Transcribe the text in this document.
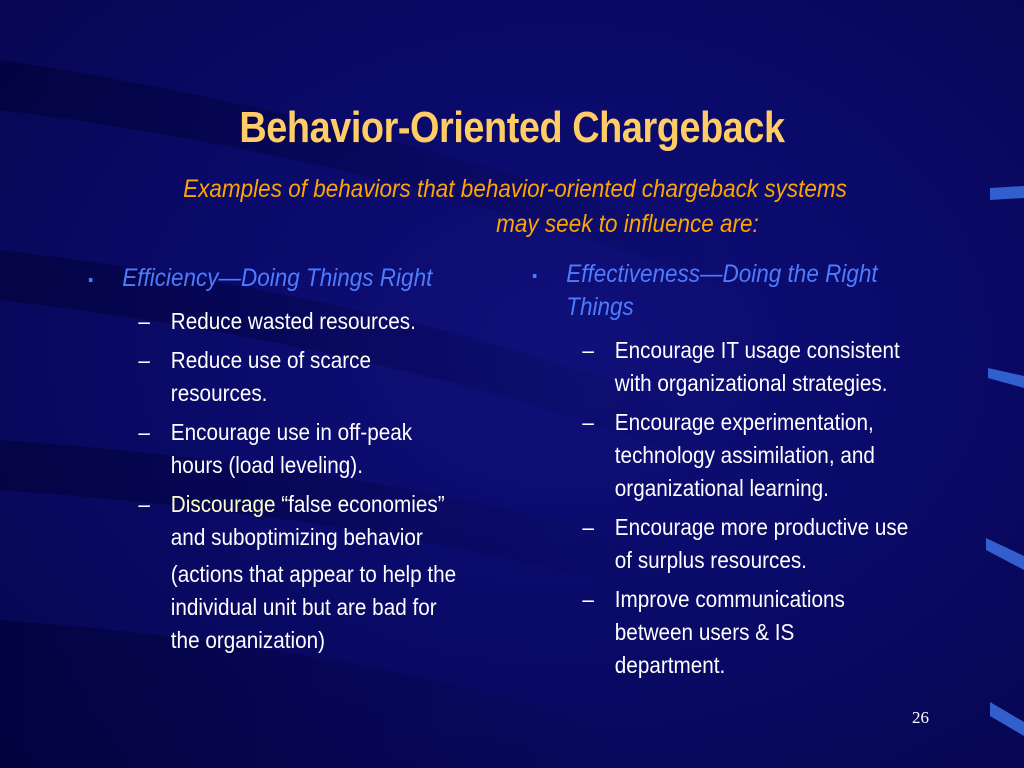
Behavior-Oriented Chargeback
Examples of behaviors that behavior-oriented chargeback systems
may seek to influence are:
▪ Efficiency—Doing Things Right
– Reduce wasted resources.
– Reduce use of scarce
resources.
– Encourage use in off-peak
hours (load leveling).
– Discourage “false economies”
and suboptimizing behavior
(actions that appear to help the
individual unit but are bad for
the organization)
▪ Effectiveness—Doing the Right
Things
– Encourage IT usage consistent
with organizational strategies.
– Encourage experimentation,
technology assimilation, and
organizational learning.
– Encourage more productive use
of surplus resources.
– Improve communications
between users & IS
department.
26
